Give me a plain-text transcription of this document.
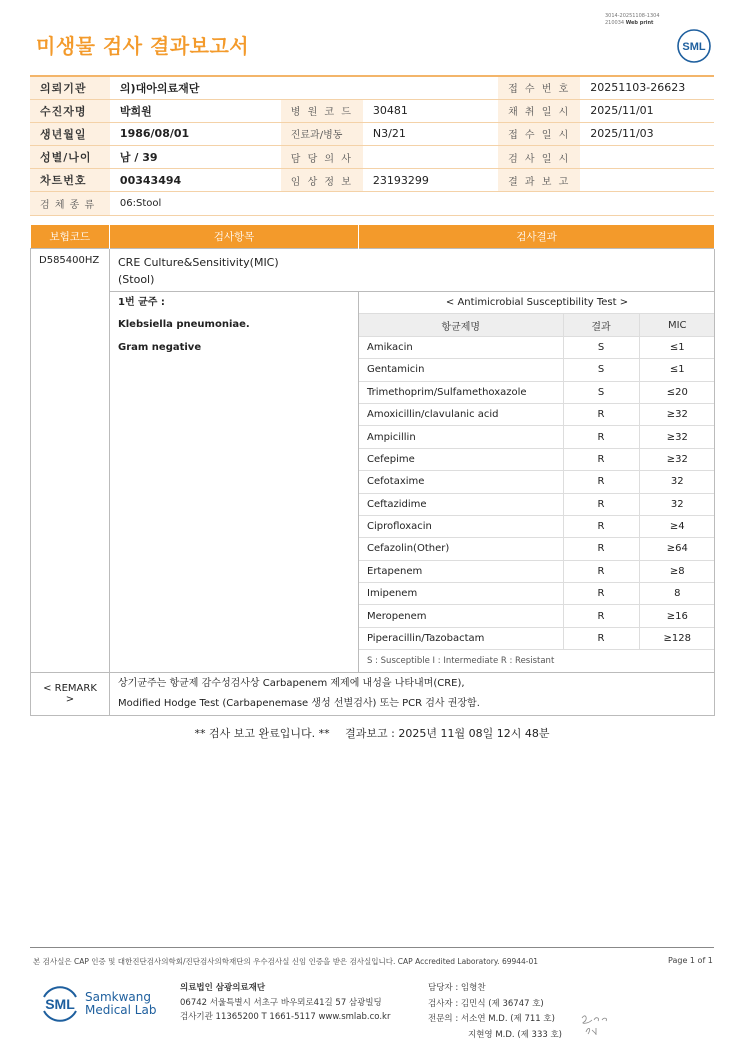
3014-20251108-1304
210034 Web print
미생물 검사 결과보고서	SML
의뢰기관	의)대아의료재단			접 수 번 호	20251103-26623
수진자명	박희원	병 원 코 드	30481	채 취 일 시	2025/11/01
생년월일	1986/08/01	진료과/병동	N3/21	접 수 일 시	2025/11/03
성별/나이	남 / 39	담 당 의 사		검 사 일 시	
차트번호	00343494	임 상 정 보	23193299	결 과 보 고	
검 체 종 류	06:Stool				
보험코드	검사항목	검사결과
D585400HZ	CRE Culture&Sensitivity(MIC)
(Stool)

1번 균주 :
Klebsiella pneumoniae.
Gram negative

< Antimicrobial Susceptibility Test >
항균제명	결과	MIC
Amikacin	S	≤1
Gentamicin	S	≤1
Trimethoprim/Sulfamethoxazole	S	≤20
Amoxicillin/clavulanic acid	R	≥32
Ampicillin	R	≥32
Cefepime	R	≥32
Cefotaxime	R	32
Ceftazidime	R	32
Ciprofloxacin	R	≥4
Cefazolin(Other)	R	≥64
Ertapenem	R	≥8
Imipenem	R	8
Meropenem	R	≥16
Piperacillin/Tazobactam	R	≥128
S : Susceptible I : Intermediate R : Resistant

< REMARK >	
상기균주는 항균제 감수성검사상 Carbapenem 제제에 내성을 나타내며(CRE),
Modified Hodge Test (Carbapenemase 생성 선별검사) 또는 PCR 검사 권장함.
** 검사 보고 완료입니다. ** 결과보고 : 2025년 11월 08일 12시 48분
본 검사실은 CAP 인증 및 대한진단검사의학회/진단검사의학재단의 우수검사실 신임 인증을 받은 검사실입니다. CAP Accredited Laboratory. 69944-01	Page 1 of 1
SML Samkwang
Medical Lab
의료법인 삼광의료재단
06742 서울특별시 서초구 바우뫼로41길 57 삼광빌딩
검사기관 11365200 T 1661-5117 www.smlab.co.kr
담당자 : 임형찬
검사자 : 김민식 (제 36747 호)
전문의 : 서소연 M.D. (제 711 호)
지현영 M.D. (제 333 호)
